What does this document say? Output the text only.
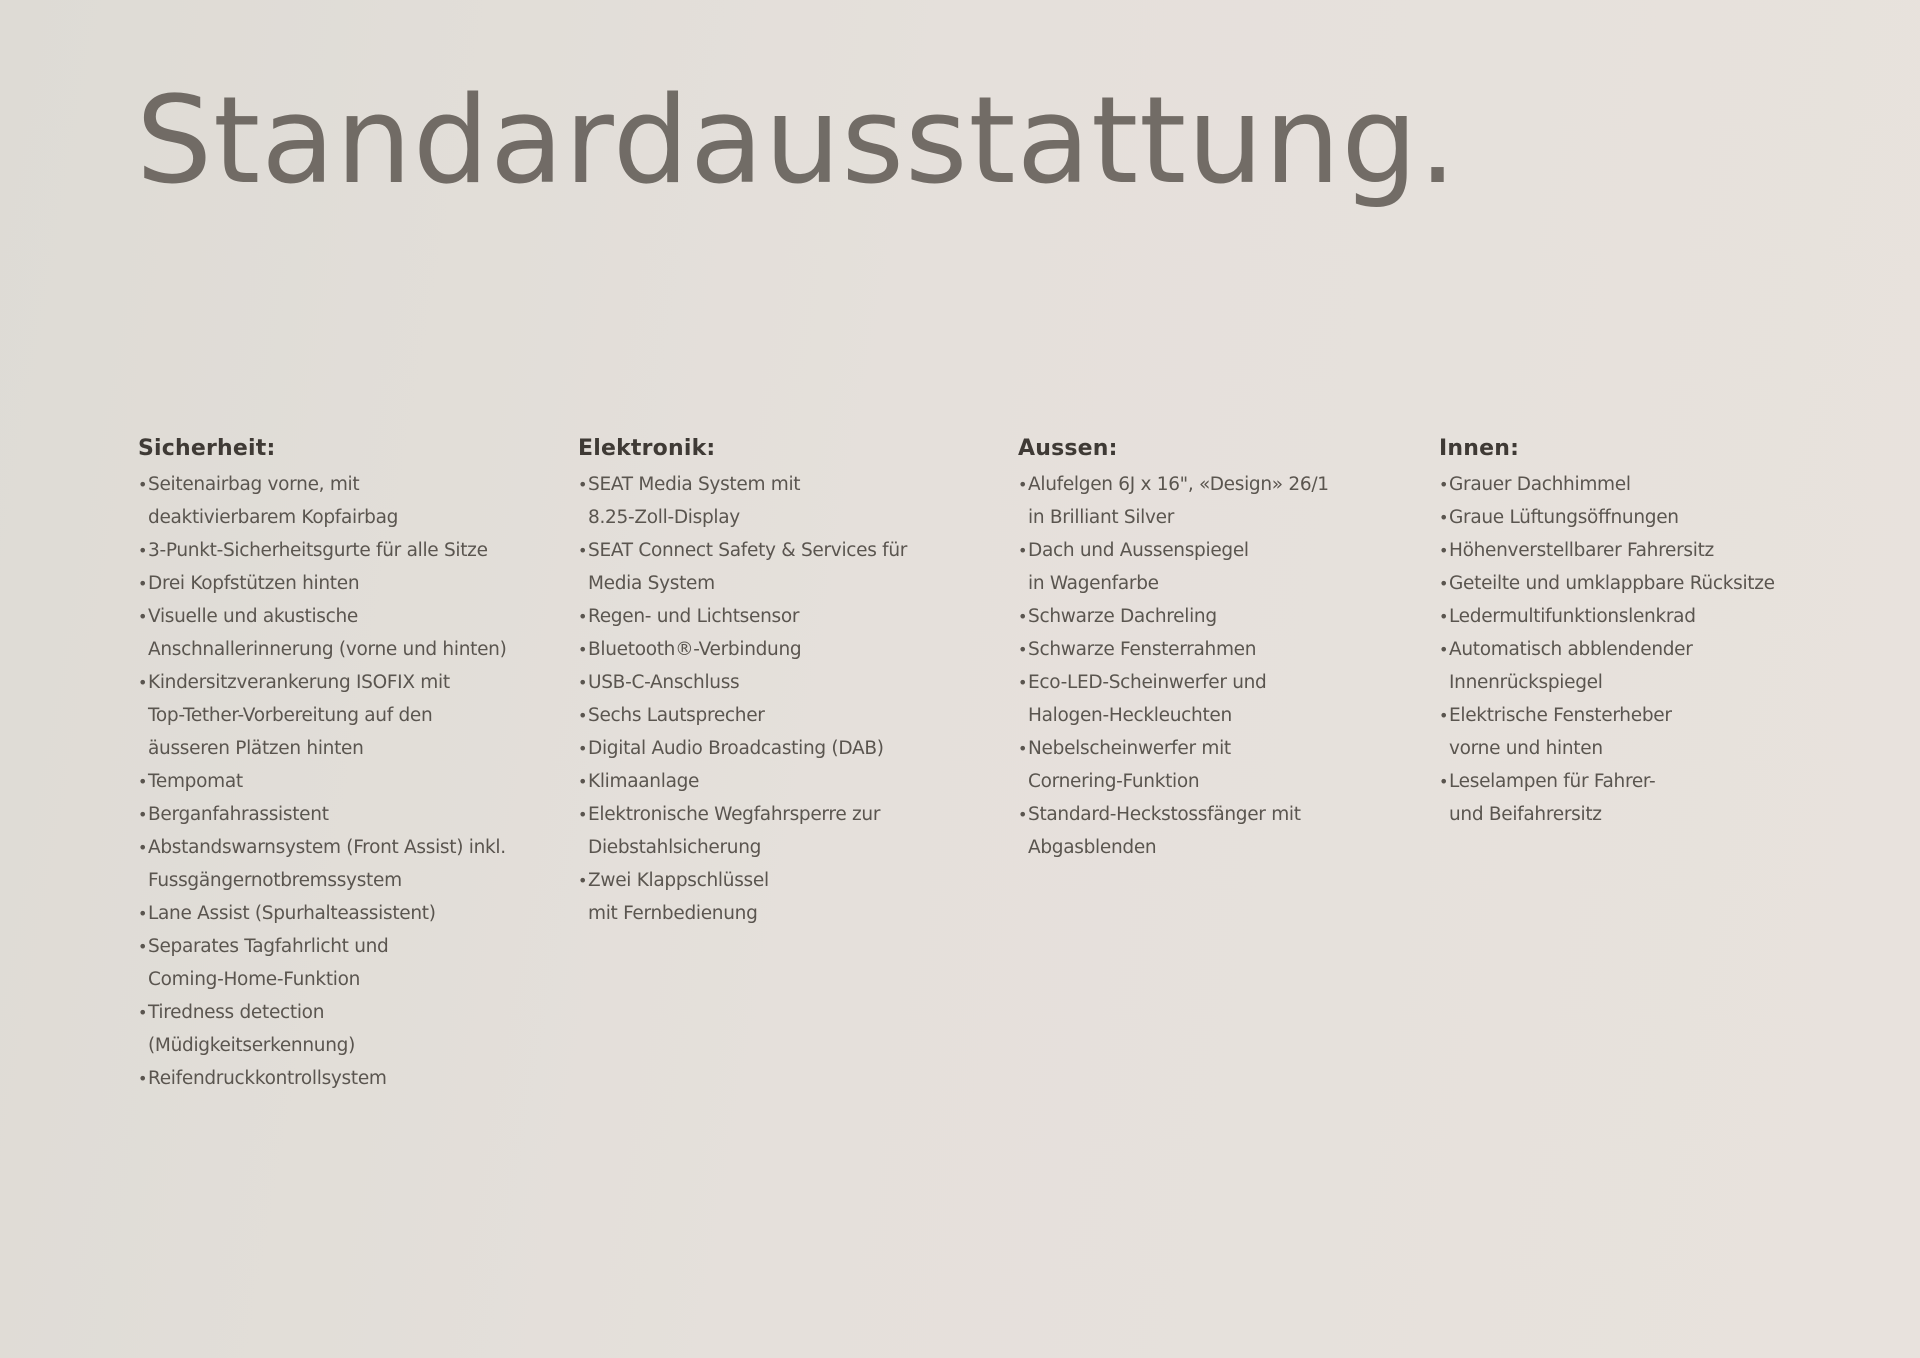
Standardausstattung.
Sicherheit:
• Seitenairbag vorne, mit
deaktivierbarem Kopfairbag
• 3-Punkt-Sicherheitsgurte für alle Sitze
• Drei Kopfstützen hinten
• Visuelle und akustische
Anschnallerinnerung (vorne und hinten)
• Kindersitzverankerung ISOFIX mit
Top-Tether-Vorbereitung auf den
äusseren Plätzen hinten
• Tempomat
• Berganfahrassistent
• Abstandswarnsystem (Front Assist) inkl.
Fussgängernotbremssystem
• Lane Assist (Spurhalteassistent)
• Separates Tagfahrlicht und
Coming-Home-Funktion
• Tiredness detection
(Müdigkeitserkennung)
• Reifendruckkontrollsystem
Elektronik:
• SEAT Media System mit
8.25-Zoll-Display
• SEAT Connect Safety & Services für
Media System
• Regen- und Lichtsensor
• Bluetooth®-Verbindung
• USB-C-Anschluss
• Sechs Lautsprecher
• Digital Audio Broadcasting (DAB)
• Klimaanlage
• Elektronische Wegfahrsperre zur
Diebstahlsicherung
• Zwei Klappschlüssel
mit Fernbedienung
Aussen:
• Alufelgen 6J x 16", «Design» 26/1
in Brilliant Silver
• Dach und Aussenspiegel
in Wagenfarbe
• Schwarze Dachreling
• Schwarze Fensterrahmen
• Eco-LED-Scheinwerfer und
Halogen-Heckleuchten
• Nebelscheinwerfer mit
Cornering-Funktion
• Standard-Heckstossfänger mit
Abgasblenden
Innen:
• Grauer Dachhimmel
• Graue Lüftungsöffnungen
• Höhenverstellbarer Fahrersitz
• Geteilte und umklappbare Rücksitze
• Ledermultifunktionslenkrad
• Automatisch abblendender
Innenrückspiegel
• Elektrische Fensterheber
vorne und hinten
• Leselampen für Fahrer-
und Beifahrersitz
